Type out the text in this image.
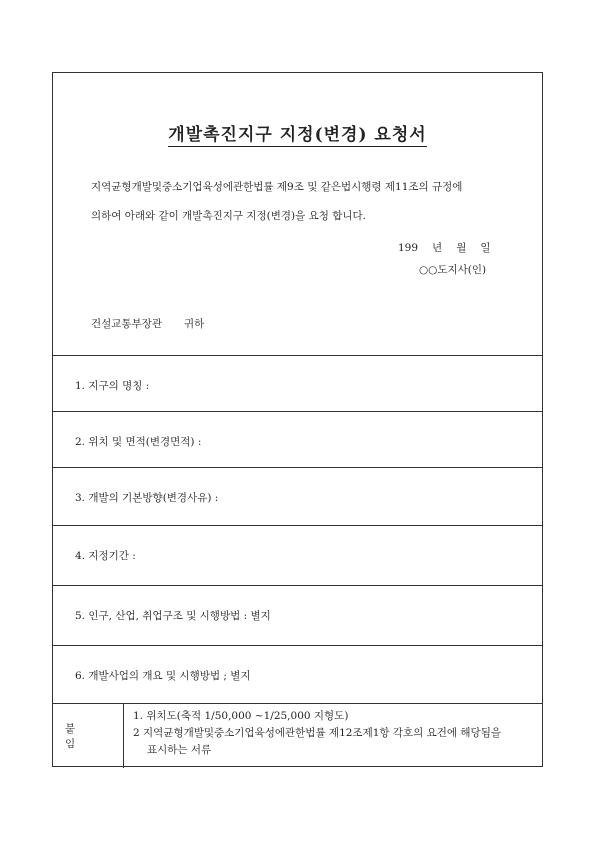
개발촉진지구 지정(변경) 요청서

지역균형개발및중소기업육성에관한법률 제9조 및 같은법시행령 제11조의 규정에

의하여 아래와 같이 개발촉진지구 지정(변경)을 요청 합니다.

199 년 월 일
○○도지사(인)
건설교통부장관 귀하
1. 지구의 명칭 :
2. 위치 및 면적(변경면적) :
3. 개발의 기본방향(변경사유) :
4. 지정기간 :
5. 인구, 산업, 취업구조 및 시행방법 : 별지
6. 개발사업의 개요 및 시행방법 ; 별지
붙 임
1. 위치도(축적 1/50,000 ~1/25,000 지형도)
2 지역균형개발및중소기업육성에관한법률 제12조제1항 각호의 요건에 해당됨을
표시하는 서류
